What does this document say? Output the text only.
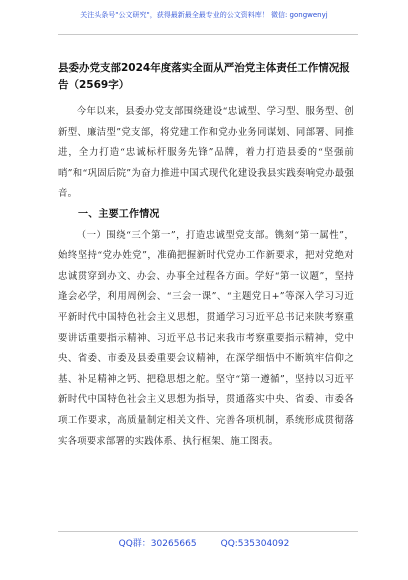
关注头条号"公文研究"，获得最新最全最专业的公文资料库！ 微信: gongwenyj
县委办党支部2024年度落实全面从严治党主体责任工作情况报告（2569字）

今年以来，县委办党支部围绕建设“忠诚型、学习型、服务型、创新型、廉洁型”党支部，将党建工作和党办业务同谋划、同部署、同推进，全力打造“忠诚标杆服务先锋”品牌，着力打造县委的“坚强前哨”和“巩固后院”为奋力推进中国式现代化建设我县实践奏响党办最强音。

一、主要工作情况

（一）围绕“三个第一”，打造忠诚型党支部。镌刻“第一属性”，始终坚持“党办姓党”，准确把握新时代党办工作新要求，把对党绝对忠诚贯穿到办文、办会、办事全过程各方面。学好“第一议题”，坚持逢会必学，利用周例会、“三会一课”、“主题党日+”等深入学习习近平新时代中国特色社会主义思想，贯通学习习近平总书记来陕考察重要讲话重要指示精神、习近平总书记来我市考察重要指示精神，党中央、省委、市委及县委重要会议精神，在深学细悟中不断筑牢信仰之基、补足精神之钙、把稳思想之舵。坚守“第一遵循”，坚持以习近平新时代中国特色社会主义思想为指导，贯通落实中央、省委、市委各项工作要求，高质量制定相关文件、完善各项机制，系统形成贯彻落实各项要求部署的实践体系、执行框架、施工图表。

QQ群：30265665	QQ:535304092
